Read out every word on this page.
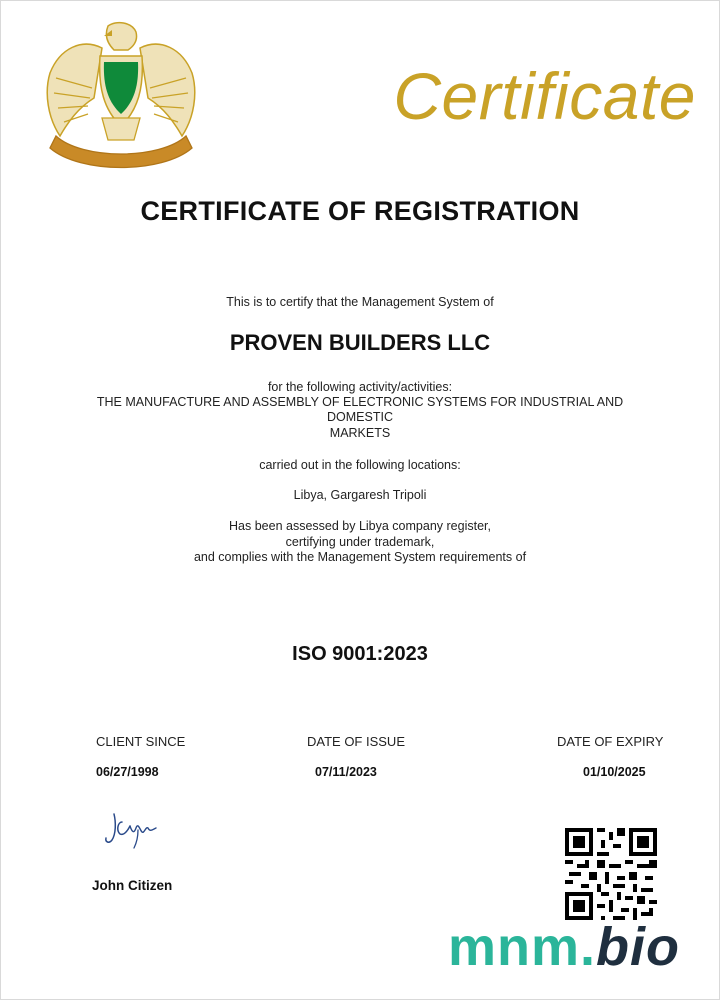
Certificate
CERTIFICATE OF REGISTRATION
This is to certify that the Management System of
PROVEN BUILDERS LLC
for the following activity/activities:
THE MANUFACTURE AND ASSEMBLY OF ELECTRONIC SYSTEMS FOR INDUSTRIAL AND
DOMESTIC
MARKETS
carried out in the following locations:
Libya, Gargaresh Tripoli
Has been assessed by Libya company register,
certifying under trademark,
and complies with the Management System requirements of
ISO 9001:2023
CLIENT SINCE	DATE OF ISSUE	DATE OF EXPIRY
06/27/1998	07/11/2023	01/10/2025
John Citizen
mnm.bio
